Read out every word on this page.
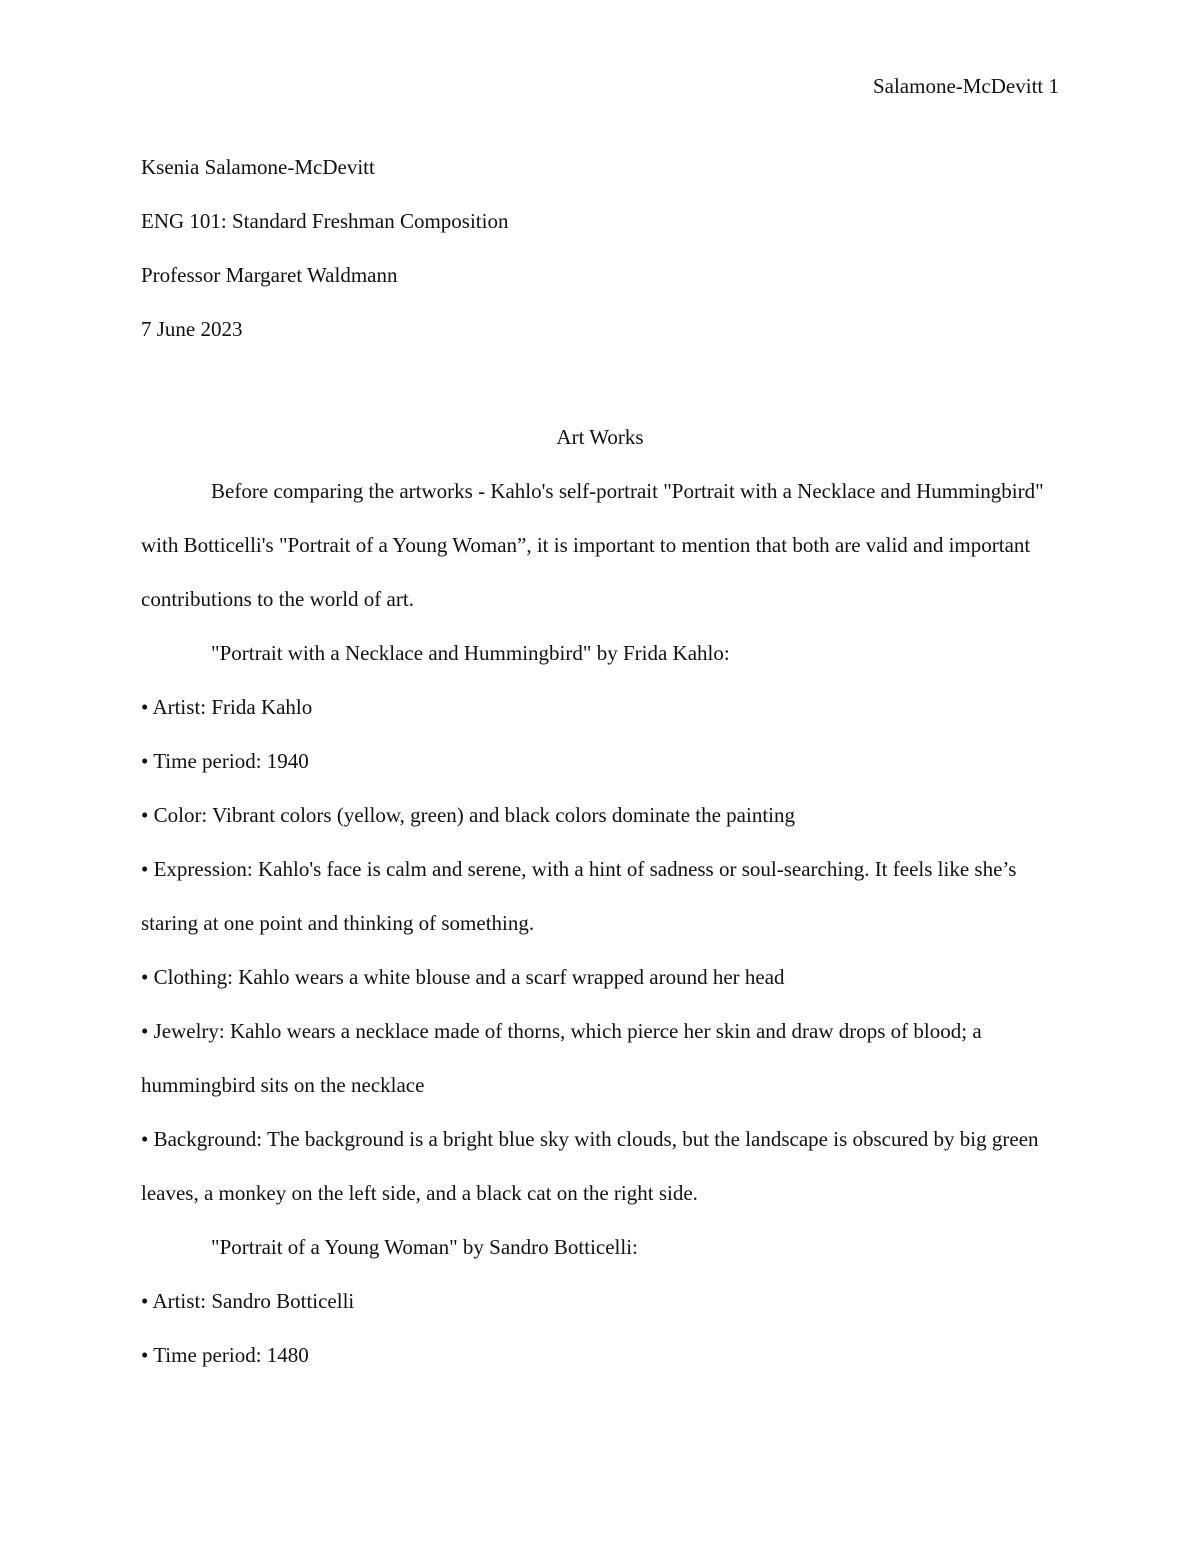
Salamone-McDevitt 1

Ksenia Salamone-McDevitt

ENG 101: Standard Freshman Composition

Professor Margaret Waldmann

7 June 2023

Art Works

Before comparing the artworks - Kahlo's self-portrait "Portrait with a Necklace and Hummingbird" with Botticelli's "Portrait of a Young Woman”, it is important to mention that both are valid and important contributions to the world of art.

"Portrait with a Necklace and Hummingbird" by Frida Kahlo:

• Artist: Frida Kahlo

• Time period: 1940

• Color: Vibrant colors (yellow, green) and black colors dominate the painting

• Expression: Kahlo's face is calm and serene, with a hint of sadness or soul-searching. It feels like she’s staring at one point and thinking of something.

• Clothing: Kahlo wears a white blouse and a scarf wrapped around her head

• Jewelry: Kahlo wears a necklace made of thorns, which pierce her skin and draw drops of blood; a hummingbird sits on the necklace

• Background: The background is a bright blue sky with clouds, but the landscape is obscured by big green leaves, a monkey on the left side, and a black cat on the right side.

"Portrait of a Young Woman" by Sandro Botticelli:

• Artist: Sandro Botticelli

• Time period: 1480
